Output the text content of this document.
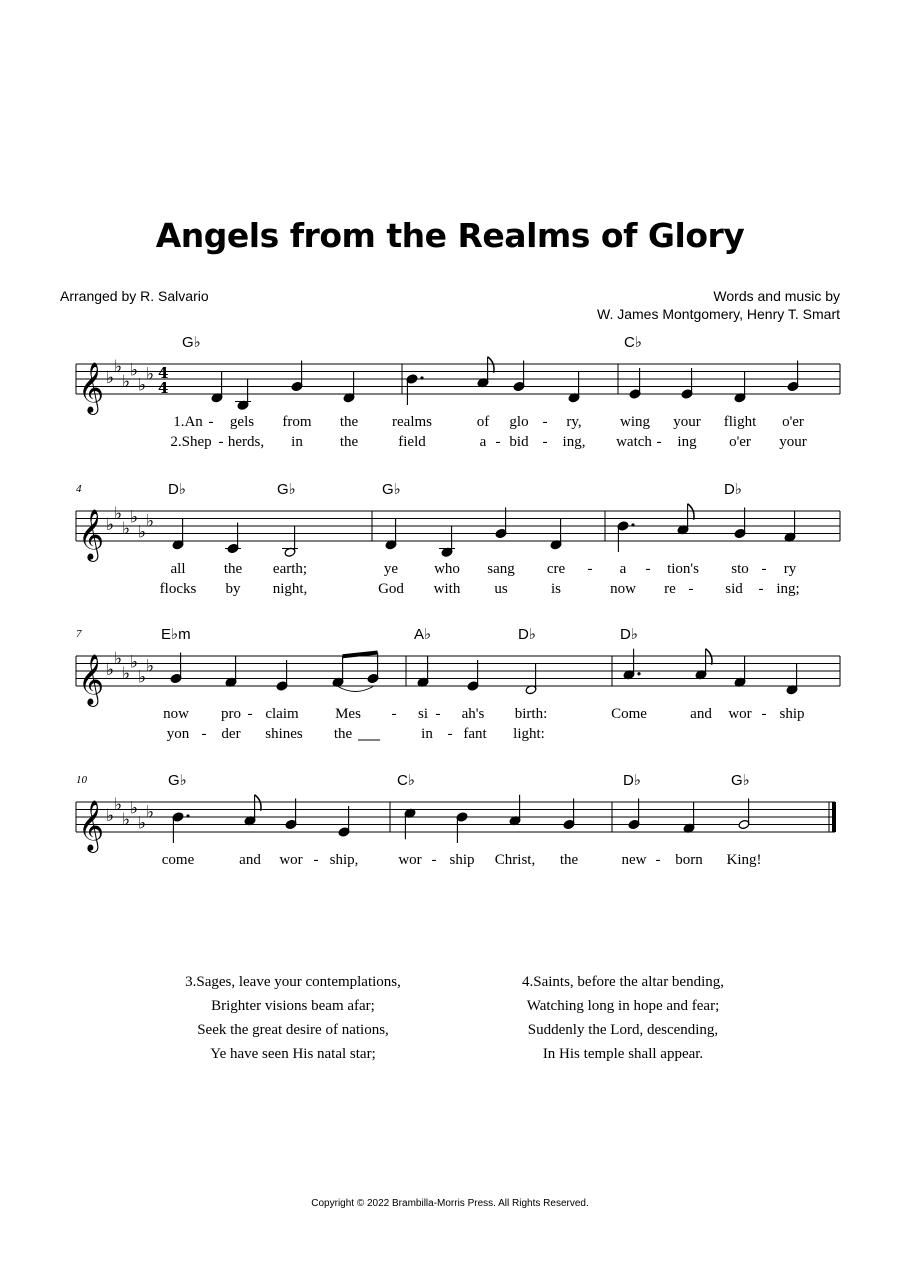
Angels from the Realms of Glory
Arranged by R. Salvario	Words and music by
W. James Montgomery, Henry T. Smart
𝄞 ♭
♭
♭
♭
♭
♭ 4
4
G♭	C♭
1.An - gels from the realms	of glo - ry,	wing your flight o'er
2.Shep - herds, in the	field	a - bid - ing, watch - ing o'er your
𝄞 ♭
♭
♭
♭
♭
♭
4	D♭	G♭	G♭	D♭
all	the earth;	ye who sang cre - a - tion's sto - ry
flocks by night,	God with us	is	now re - sid - ing;
𝄞 ♭
♭
♭
♭
♭
♭
7	E♭m	A♭	D♭	D♭
now pro - claim Mes - si - ah's birth:	Come	and wor - ship
yon - der shines the	in - fant light:
𝄞 ♭
♭
♭
♭
♭
♭
10	G♭	C♭	D♭	G♭
come	and wor - ship,	wor - ship Christ, the	new - born King!
3.Sages, leave your contemplations,
Brighter visions beam afar;
Seek the great desire of nations,
Ye have seen His natal star;
4.Saints, before the altar bending,
Watching long in hope and fear;
Suddenly the Lord, descending,
In His temple shall appear.
Copyright © 2022 Brambilla-Morris Press. All Rights Reserved.
